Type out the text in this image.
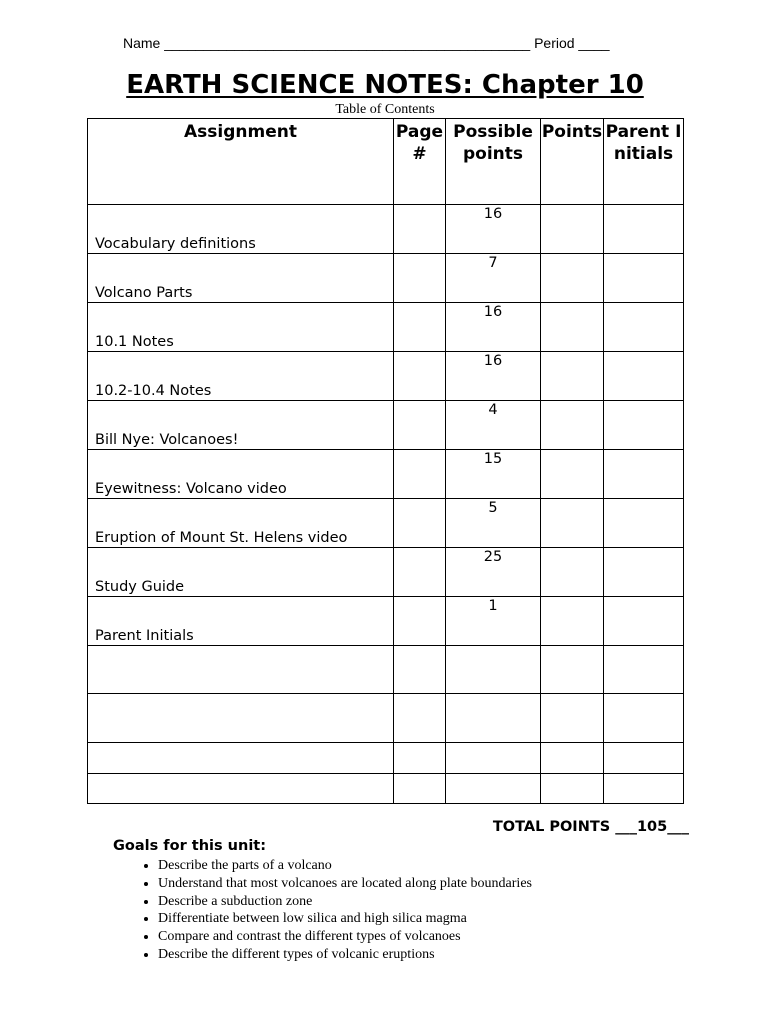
Name _______________________________________________ Period ____
EARTH SCIENCE NOTES: Chapter 10
Table of Contents
Assignment	Page #	Possible points	Points	Parent Initials
Vocabulary definitions		16		
Volcano Parts		7		
10.1 Notes		16		
10.2-10.4 Notes		16		
Bill Nye: Volcanoes!		4		
Eyewitness: Volcano video		15		
Eruption of Mount St. Helens video		5		
Study Guide		25		
Parent Initials		1		

TOTAL POINTS ___105___
Goals for this unit:
• Describe the parts of a volcano
• Understand that most volcanoes are located along plate boundaries
• Describe a subduction zone
• Differentiate between low silica and high silica magma
• Compare and contrast the different types of volcanoes
• Describe the different types of volcanic eruptions
